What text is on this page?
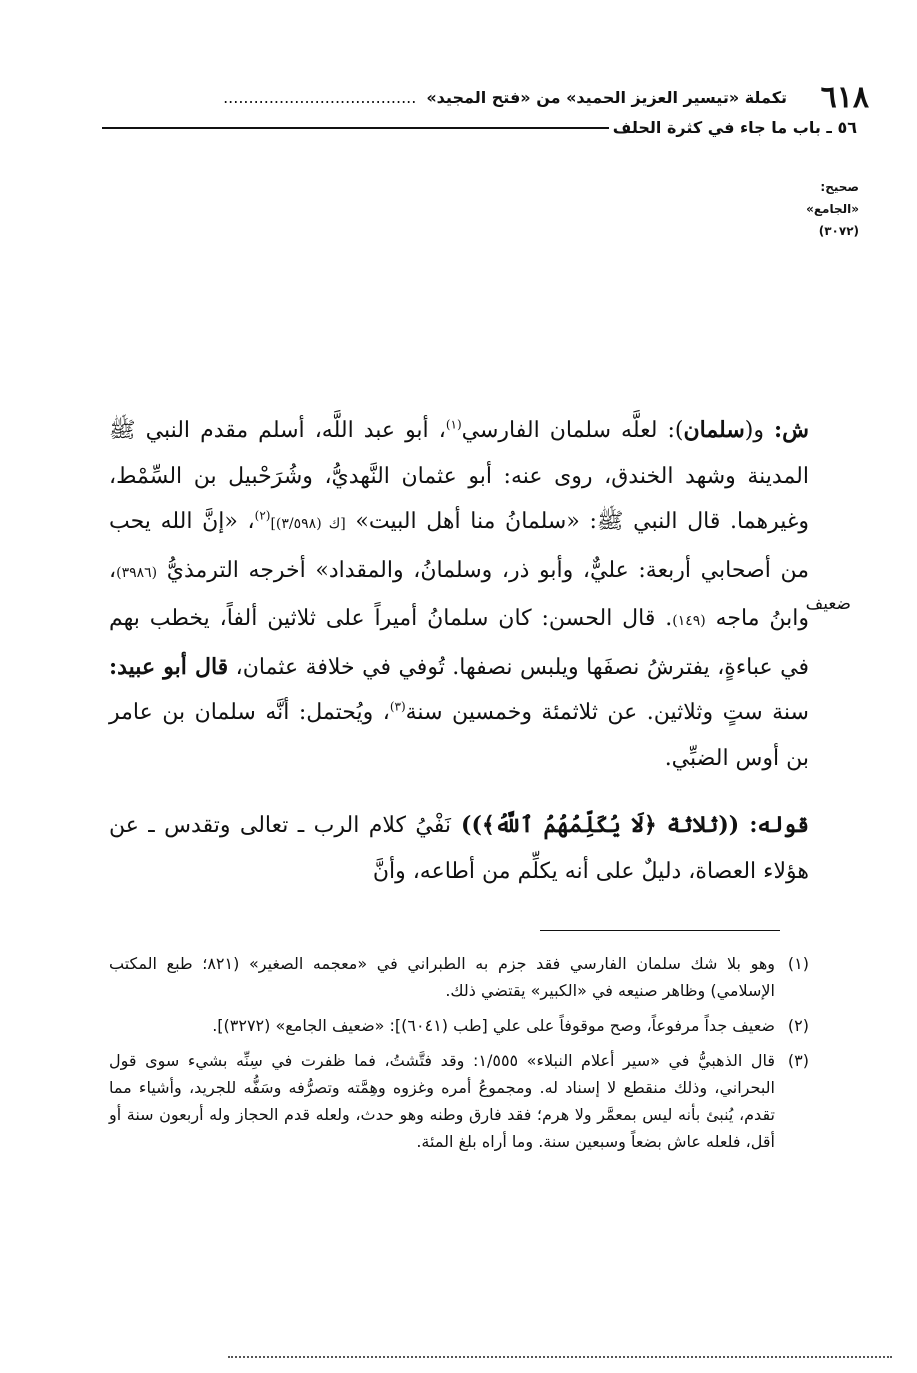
٦١٨
تكملة «تيسير العزيز الحميد» من «فتح المجيد»......................................
٥٦ ـ باب ما جاء في كثرة الحلف
صحيح:
«الجامع»
(٣٠٧٢)
ضعيف

ش: و(سلمان): لعلَّه سلمان الفارسي$^{(١)}$، أبو عبد اللَّه، أسلم مقدم النبي ﷺ المدينة وشهد الخندق، روى عنه: أبو عثمان النَّهديُّ، وشُرَحْبيل بن السِّمْط، وغيرهما. قال النبي ﷺ: «سلمانُ منا أهل البيت» [ك (٣/٥٩٨)]$^{(٢)}$، «إنَّ الله يحب من أصحابي أربعة: عليٌّ، وأبو ذر، وسلمانُ، والمقداد» أخرجه الترمذيُّ (٣٩٨٦)، وابنُ ماجه (١٤٩). قال الحسن: كان سلمانُ أميراً على ثلاثين ألفاً، يخطب بهم في عباءةٍ، يفترشُ نصفَها ويلبس نصفها. تُوفي في خلافة عثمان، قال أبو عبيد: سنة ستٍ وثلاثين. عن ثلاثمئة وخمسين سنة$^{(٣)}$، ويُحتمل: أنَّه سلمان بن عامر بن أوس الضبِّي.

قوله: ((ثلاثة ﴿لَا يُكَلِّمُهُمُ ٱللَّهُ﴾)) نَفْيُ كلام الرب ـ تعالى وتقدس ـ عن هؤلاء العصاة، دليلٌ على أنه يكلِّم من أطاعه، وأنَّ

(١)
وهو بلا شك سلمان الفارسي فقد جزم به الطبراني في «معجمه الصغير» (٨٢١؛ طبع المكتب الإسلامي) وظاهر صنيعه في «الكبير» يقتضي ذلك.
(٢)
ضعيف جداً مرفوعاً، وصح موقوفاً على علي [طب (٦٠٤١)]: «ضعيف الجامع» (٣٢٧٢)].
(٣)
قال الذهبيُّ في «سير أعلام النبلاء» ١/٥٥٥: وقد فتَّشتُ، فما ظفرت في سِنِّه بشيء سوى قول البحراني، وذلك منقطع لا إسناد له. ومجموعُ أمره وغزوه وهِمَّته وتصرُّفه وسَفُّه للجريد، وأشياء مما تقدم، يُنبئ بأنه ليس بمعمَّر ولا هرم؛ فقد فارق وطنه وهو حدث، ولعله قدم الحجاز وله أربعون سنة أو أقل، فلعله عاش بضعاً وسبعين سنة. وما أراه بلغ المئة.
